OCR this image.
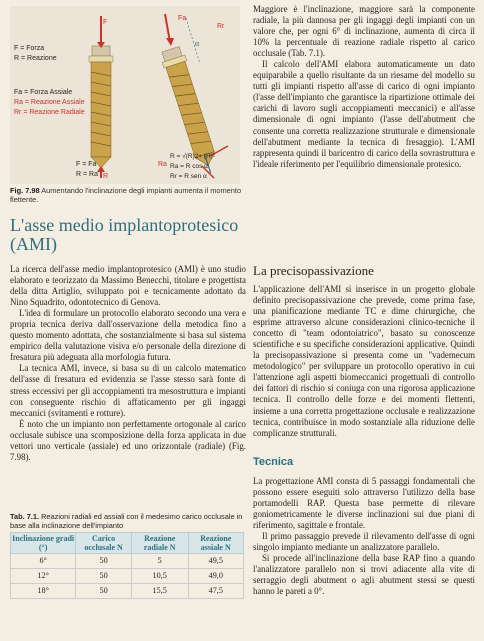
F
R
Fa
α
Rr
Ra
F = Forza
R = Reazione
Fa = Forza Assiale
Ra = Reazione Assiale
Rr = Reazione Radiale
F = Fa
R = Ra
R = √(R)2+ (R)²
Ra = R cos α
Rr = R sen α
Fig. 7.98 Aumentando l'inclinazione degli impianti aumenta il momento flettente.
L'asse medio implantoprotesico (AMI)

La ricerca dell'asse medio implantoprotesico (AMI) è uno studio elaborato e teorizzato da Massimo Benecchi, titolare e progettista della ditta Artiglio, sviluppato poi e tecnicamente adottato da Nino Squadrito, odontotecnico di Genova.

L'idea di formulare un protocollo elaborato secondo una vera e propria tecnica deriva dall'osservazione della metodica fino a questo momento adottata, che sostanzialmente si basa sul sistema empirico della valutazione visiva e/o personale della direzione di fresatura più adeguata alla morfologia futura.

La tecnica AMI, invece, si basa su di un calcolo matematico dell'asse di fresatura ed evidenzia se l'asse stesso sarà fonte di stress eccessivi per gli accoppiamenti tra mesostruttura e impianti con conseguente rischio di affaticamento per gli ingaggi meccanici (svitamenti e rotture).

È noto che un impianto non perfettamente ortogonale al carico occlusale subisce una scomposizione della forza applicata in due vettori uno verticale (assiale) ed uno orizzontale (radiale) (Fig. 7.98).

Tab. 7.1. Reazioni radiali ed assiali con il medesimo carico occlusale in base alla inclinazione dell'impianto
Inclinazione gradi (°)	Carico occlusale N	Reazione radiale N	Reazione assiale N
6°	50	5	49,5
12°	50	10,5	49,0
18°	50	15,5	47,5

Maggiore è l'inclinazione, maggiore sarà la componente radiale, la più dannosa per gli ingaggi degli impianti con un valore che, per ogni 6° di inclinazione, aumenta di circa il 10% la percentuale di reazione radiale rispetto al carico occlusale (Tab. 7.1).

Il calcolo dell'AMI elabora automaticamente un dato equiparabile a quello risultante da un riesame del modello su tutti gli impianti rispetto all'asse di carico di ogni impianto (l'asse dell'impianto che garantisce la ripartizione ottimale dei carichi di lavoro sugli accoppiamenti meccanici) e all'asse dimensionale di ogni impianto (l'asse dell'abutment che consente una corretta realizzazione strutturale e dimensionale dell'abutment mediante la tecnica di fresaggio). L'AMI rappresenta quindi il baricentro di carico della sovrastruttura e l'ideale riferimento per l'equilibrio dimensionale protesico.

La precisopassivazione

L'applicazione dell'AMI si inserisce in un progetto globale definito precisopassivazione che prevede, come prima fase, una pianificazione mediante TC e dime chirurgiche, che esprime attraverso alcune considerazioni clinico-tecniche il concetto di "team odontoiatrico", basato su conoscenze scientifiche e su specifiche considerazioni applicative. Quindi la precisopassivazione si presenta come un "vademecum metodologico" per sviluppare un protocollo operativo in cui l'attenzione agli aspetti biomeccanici progettuali di controllo dei fattori di rischio si coniuga con una rigorosa applicazione tecnica. Il controllo delle forze e dei momenti flettenti, insieme a una corretta progettazione occlusale e realizzazione tecnica, contribuisce in modo sostanziale alla riduzione delle complicanze strutturali.

Tecnica

La progettazione AMI consta di 5 passaggi fondamentali che possono essere eseguiti solo attraverso l'utilizzo della base portamodelli RAP. Questa base permette di rilevare goniometricamente le diverse inclinazioni sui due piani di riferimento, sagittale e frontale.

Il primo passaggio prevede il rilevamento dell'asse di ogni singolo impianto mediante un analizzatore parallelo.

Si procede all'inclinazione della base RAP fino a quando l'analizzatore parallelo non si trovi adiacente alla vite di serraggio degli abutment o agli abutment stessi se questi hanno le pareti a 0°.
